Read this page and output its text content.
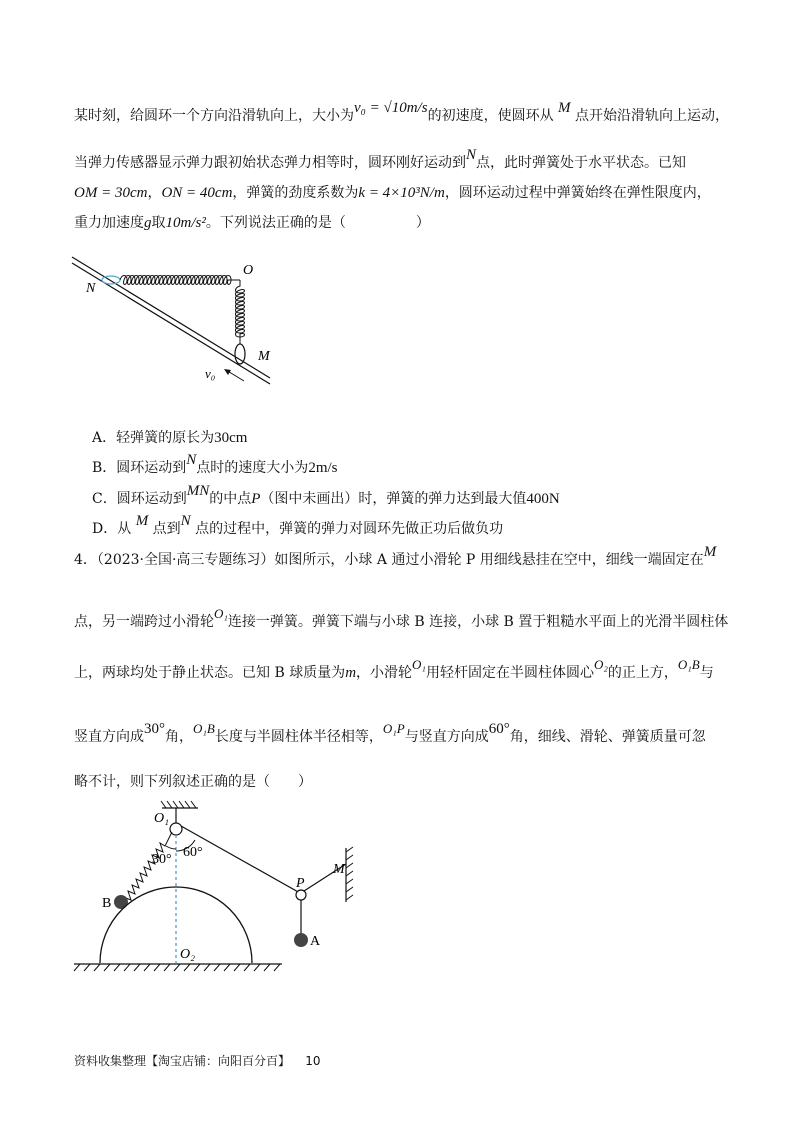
某时刻，给圆环一个方向沿滑轨向上，大小为v₀ = √10m/s的初速度，使圆环从 M 点开始沿滑轨向上运动，
当弹力传感器显示弹力跟初始状态弹力相等时，圆环刚好运动到N点，此时弹簧处于水平状态。已知
OM = 30cm，ON = 40cm，弹簧的劲度系数为k = 4×10³N/m，圆环运动过程中弹簧始终在弹性限度内，
重力加速度g取10m/s²。下列说法正确的是（　　　　　）
O
N
M
v₀
A．轻弹簧的原长为30cm
B．圆环运动到N点时的速度大小为2m/s
C．圆环运动到MN的中点P（图中未画出）时，弹簧的弹力达到最大值400N
D．从 M 点到N 点的过程中，弹簧的弹力对圆环先做正功后做负功
4．（2023·全国·高三专题练习）如图所示，小球 A 通过小滑轮 P 用细线悬挂在空中，细线一端固定在M
点，另一端跨过小滑轮O₁连接一弹簧。弹簧下端与小球 B 连接，小球 B 置于粗糙水平面上的光滑半圆柱体
上，两球均处于静止状态。已知 B 球质量为m，小滑轮O₁用轻杆固定在半圆柱体圆心O₂的正上方，O₁B与
竖直方向成30°角，O₁B长度与半圆柱体半径相等，O₁P与竖直方向成60°角，细线、滑轮、弹簧质量可忽
略不计，则下列叙述正确的是（　　）
O₁
60°
30°
B
P
M
A
O₂
资料收集整理【淘宝店铺：向阳百分百】 10
